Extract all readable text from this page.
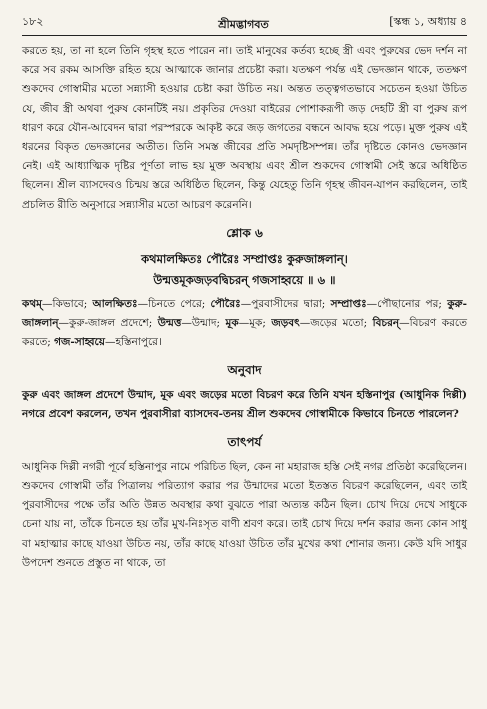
১৮২	শ্রীমদ্ভাগবত	[স্কন্ধ ১, অধ্যায় ৪

করতে হয়, তা না হলে তিনি গৃহস্থ হতে পারেন না। তাই মানুষের কর্তব্য হচ্ছে স্ত্রী এবং পুরুষের ভেদ দর্শন না করে সব রকম আসক্তি রহিত হয়ে আত্মাকে জানার প্রচেষ্টা করা। যতক্ষণ পর্যন্ত এই ভেদজ্ঞান থাকে, ততক্ষণ শুকদেব গোস্বামীর মতো সন্ন্যাসী হওয়ার চেষ্টা করা উচিত নয়। অন্তত তত্ত্বগতভাবে সচেতন হওয়া উচিত যে, জীব স্ত্রী অথবা পুরুষ কোনটিই নয়। প্রকৃতির দেওয়া বাইরের পোশাকরূপী জড় দেহটি স্ত্রী বা পুরুষ রূপ ধারণ করে যৌন-আবেদন দ্বারা পরস্পরকে আকৃষ্ট করে জড় জগতের বন্ধনে আবদ্ধ হয়ে পড়ে। মুক্ত পুরুষ এই ধরনের বিকৃত ভেদজ্ঞানের অতীত। তিনি সমস্ত জীবের প্রতি সমদৃষ্টিসম্পন্ন। তাঁর দৃষ্টিতে কোনও ভেদজ্ঞান নেই। এই আধ্যাত্মিক দৃষ্টির পূর্ণতা লাভ হয় মুক্ত অবস্থায় এবং শ্রীল শুকদেব গোস্বামী সেই স্তরে অধিষ্ঠিত ছিলেন। শ্রীল ব্যাসদেবও চিন্ময় স্তরে অধিষ্ঠিত ছিলেন, কিন্তু যেহেতু তিনি গৃহস্থ জীবন-যাপন করছিলেন, তাই প্রচলিত রীতি অনুসারে সন্ন্যাসীর মতো আচরণ করেননি।

শ্লোক ৬
কথমালক্ষিতঃ পৌরৈঃ সম্প্রাপ্তঃ কুরুজাঙ্গলান্।
উন্মত্তমূকজড়বদ্বিচরন্ গজসাহ্বয়ে ॥ ৬ ॥
কথম্—কিভাবে; আলক্ষিতঃ—চিনতে পেরে; পৌরৈঃ—পুরবাসীদের দ্বারা; সম্প্রাপ্তঃ—পৌছানোর পর; কুরু-জাঙ্গলান্—কুরু-জাঙ্গল প্রদেশে; উন্মত্ত—উন্মাদ; মূক—মূক; জড়বৎ—জড়ের মতো; বিচরন্—বিচরণ করতে করতে; গজ-সাহ্বয়ে—হস্তিনাপুরে।
অনুবাদ

কুরু এবং জাঙ্গল প্রদেশে উন্মাদ, মূক এবং জড়ের মতো বিচরণ করে তিনি যখন হস্তিনাপুর (আধুনিক দিল্লী) নগরে প্রবেশ করলেন, তখন পুরবাসীরা ব্যাসদেব-তনয় শ্রীল শুকদেব গোস্বামীকে কিভাবে চিনতে পারলেন?

তাৎপর্য

আধুনিক দিল্লী নগরী পূর্বে হস্তিনাপুর নামে পরিচিত ছিল, কেন না মহারাজ হস্তি সেই নগর প্রতিষ্ঠা করেছিলেন। শুকদেব গোস্বামী তাঁর পিত্রালয় পরিত্যাগ করার পর উন্মাদের মতো ইতস্তত বিচরণ করেছিলেন, এবং তাই পুরবাসীদের পক্ষে তাঁর অতি উন্নত অবস্থার কথা বুঝতে পারা অত্যন্ত কঠিন ছিল। চোখ দিয়ে দেখে সাধুকে চেনা যায় না, তাঁকে চিনতে হয় তাঁর মুখ-নিঃসৃত বাণী শ্রবণ করে। তাই চোখ দিয়ে দর্শন করার জন্য কোন সাধু বা মহাত্মার কাছে যাওয়া উচিত নয়, তাঁর কাছে যাওয়া উচিত তাঁর মুখের কথা শোনার জন্য। কেউ যদি সাধুর উপদেশ শুনতে প্রস্তুত না থাকে, তা
